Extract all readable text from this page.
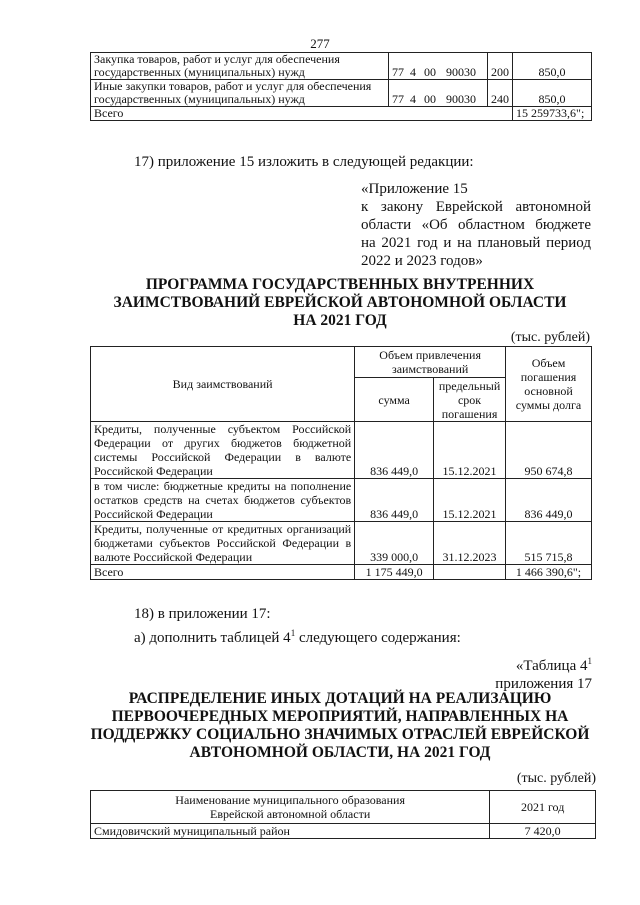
277
Закупка товаров, работ и услуг для обеспечения государственных (муниципальных) нужд	77 4 00 90030	200	850,0
Иные закупки товаров, работ и услуг для обеспечения государственных (муниципальных) нужд	77 4 00 90030	240	850,0
Всего			15 259733,6";
17) приложение 15 изложить в следующей редакции:
«Приложение 15
к закону Еврейской автономной
области «Об областном бюджете
на 2021 год и на плановый период
2022 и 2023 годов»
ПРОГРАММА ГОСУДАРСТВЕННЫХ ВНУТРЕННИХ
ЗАИМСТВОВАНИЙ ЕВРЕЙСКОЙ АВТОНОМНОЙ ОБЛАСТИ
НА 2021 ГОД
(тыс. рублей)
Вид заимствований	Объем привлечения заимствований		Объем погашения основной суммы долга
	сумма	предельный срок погашения	
Кредиты, полученные субъектом Российской Федерации от других бюджетов бюджетной системы Российской Федерации в валюте Российской Федерации	836 449,0	15.12.2021	950 674,8
в том числе: бюджетные кредиты на пополнение остатков средств на счетах бюджетов субъектов Российской Федерации	836 449,0	15.12.2021	836 449,0
Кредиты, полученные от кредитных организаций бюджетами субъектов Российской Федерации в валюте Российской Федерации	339 000,0	31.12.2023	515 715,8
Всего	1 175 449,0		1 466 390,6";
18) в приложении 17:
а) дополнить таблицей $4^1$ следующего содержания:
«Таблица $4^1$
приложения 17
РАСПРЕДЕЛЕНИЕ ИНЫХ ДОТАЦИЙ НА РЕАЛИЗАЦИЮ
ПЕРВООЧЕРЕДНЫХ МЕРОПРИЯТИЙ, НАПРАВЛЕННЫХ НА
ПОДДЕРЖКУ СОЦИАЛЬНО ЗНАЧИМЫХ ОТРАСЛЕЙ ЕВРЕЙСКОЙ
АВТОНОМНОЙ ОБЛАСТИ, НА 2021 ГОД
(тыс. рублей)
Наименование муниципального образования Еврейской автономной области	2021 год
Смидовичский муниципальный район	7 420,0
